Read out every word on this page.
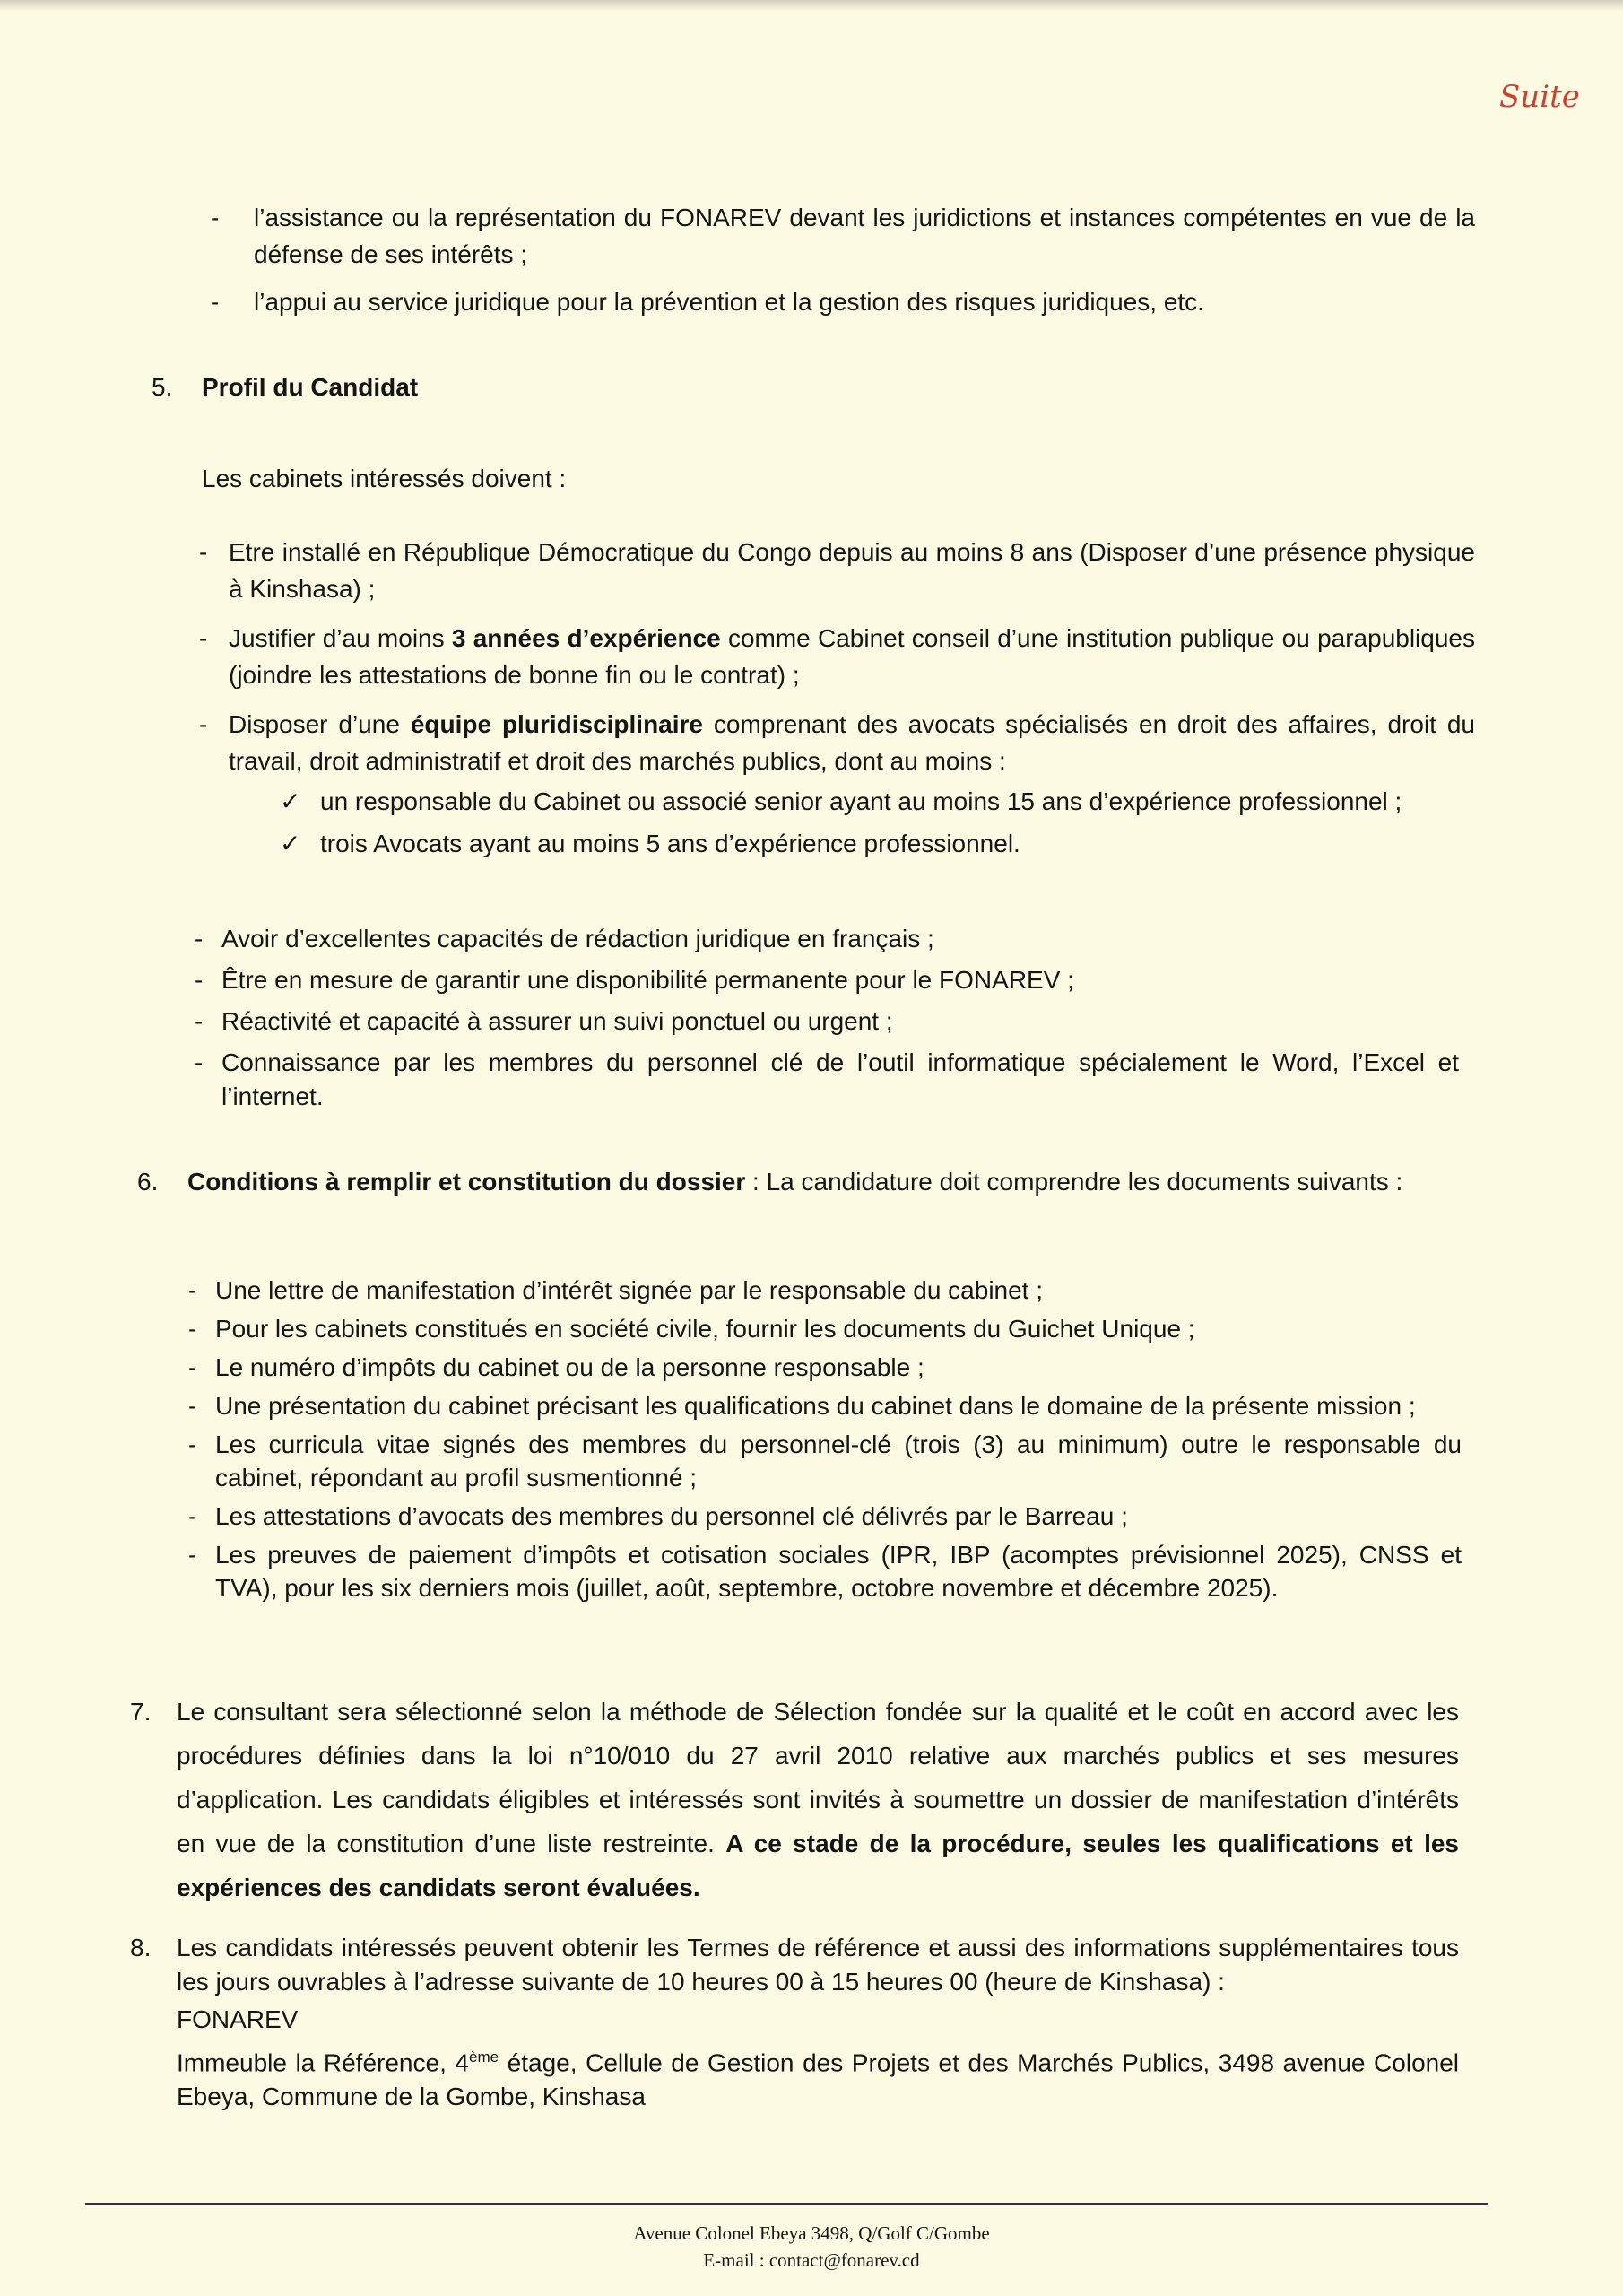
Suite

- l’assistance ou la représentation du FONAREV devant les juridictions et instances compétentes en vue de la défense de ses intérêts ;

- l’appui au service juridique pour la prévention et la gestion des risques juridiques, etc.

5. Profil du Candidat
Les cabinets intéressés doivent :

- Etre installé en République Démocratique du Congo depuis au moins 8 ans (Disposer d’une présence physique à Kinshasa) ;

- Justifier d’au moins 3 années d’expérience comme Cabinet conseil d’une institution publique ou parapubliques (joindre les attestations de bonne fin ou le contrat) ;

- Disposer d’une équipe pluridisciplinaire comprenant des avocats spécialisés en droit des affaires, droit du travail, droit administratif et droit des marchés publics, dont au moins :

✓ un responsable du Cabinet ou associé senior ayant au moins 15 ans d’expérience professionnel ;

✓ trois Avocats ayant au moins 5 ans d’expérience professionnel.

- Avoir d’excellentes capacités de rédaction juridique en français ;

- Être en mesure de garantir une disponibilité permanente pour le FONAREV ;

- Réactivité et capacité à assurer un suivi ponctuel ou urgent ;

- Connaissance par les membres du personnel clé de l’outil informatique spécialement le Word, l’Excel et l’internet.

6. Conditions à remplir et constitution du dossier : La candidature doit comprendre les documents suivants :

- Une lettre de manifestation d’intérêt signée par le responsable du cabinet ;

- Pour les cabinets constitués en société civile, fournir les documents du Guichet Unique ;

- Le numéro d’impôts du cabinet ou de la personne responsable ;

- Une présentation du cabinet précisant les qualifications du cabinet dans le domaine de la présente mission ;

- Les curricula vitae signés des membres du personnel-clé (trois (3) au minimum) outre le responsable du cabinet, répondant au profil susmentionné ;

- Les attestations d’avocats des membres du personnel clé délivrés par le Barreau ;

- Les preuves de paiement d’impôts et cotisation sociales (IPR, IBP (acomptes prévisionnel 2025), CNSS et TVA), pour les six derniers mois (juillet, août, septembre, octobre novembre et décembre 2025).

7. Le consultant sera sélectionné selon la méthode de Sélection fondée sur la qualité et le coût en accord avec les procédures définies dans la loi n°10/010 du 27 avril 2010 relative aux marchés publics et ses mesures d’application. Les candidats éligibles et intéressés sont invités à soumettre un dossier de manifestation d’intérêts en vue de la constitution d’une liste restreinte. A ce stade de la procédure, seules les qualifications et les expériences des candidats seront évaluées.

8. Les candidats intéressés peuvent obtenir les Termes de référence et aussi des informations supplémentaires tous les jours ouvrables à l’adresse suivante de 10 heures 00 à 15 heures 00 (heure de Kinshasa) :

FONAREV

Immeuble la Référence, 4ème étage, Cellule de Gestion des Projets et des Marchés Publics, 3498 avenue Colonel Ebeya, Commune de la Gombe, Kinshasa

Avenue Colonel Ebeya 3498, Q/Golf C/Gombe
E-mail : contact@fonarev.cd
